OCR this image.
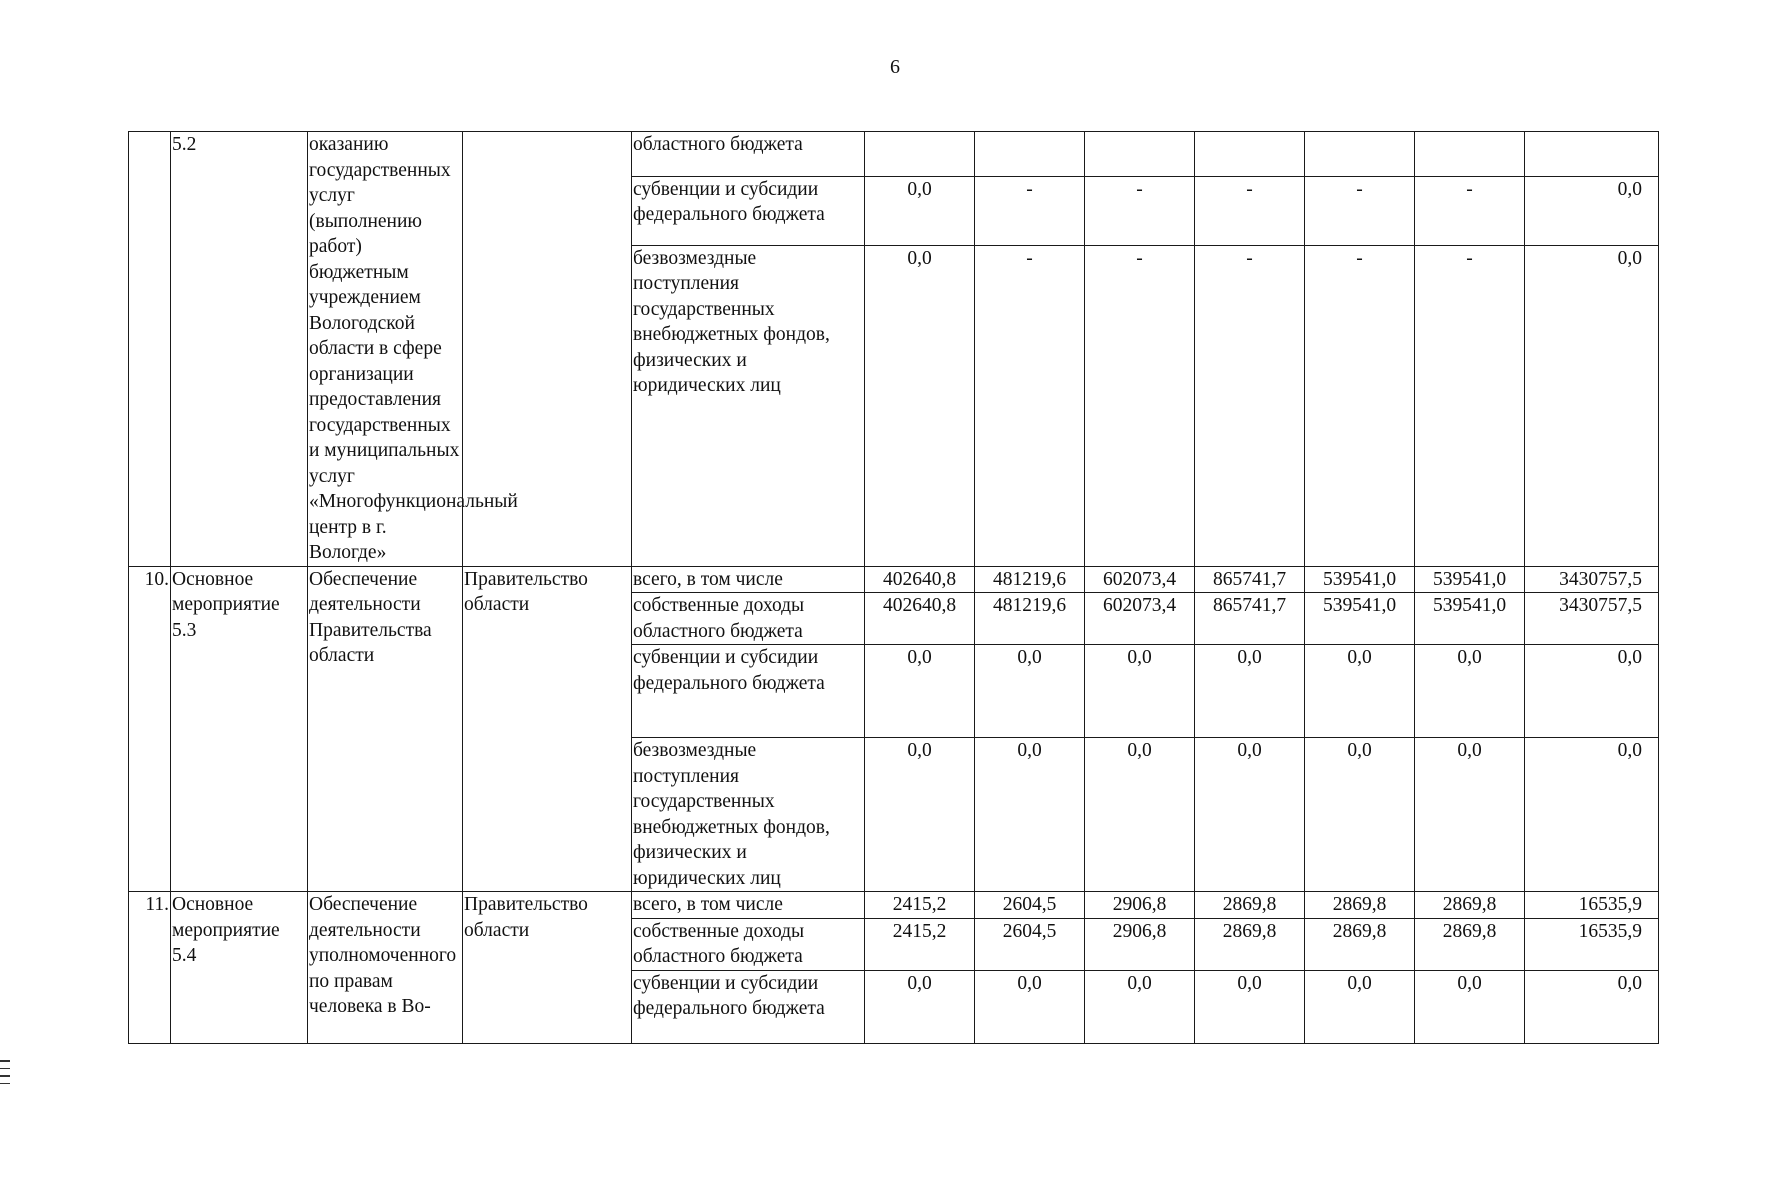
6
	5.2	оказанию государственных услуг (выполнению работ) бюджетным учреждением Вологодской области в сфере организации предоставления государственных и муниципальных услуг «Многофункциональный центр в г. Вологде»		областного бюджета							
				субвенции и субсидии федерального бюджета	0,0	-	-	-	-	-	0,0
				безвозмездные поступления государственных внебюджетных фондов, физических и юридических лиц	0,0	-	-	-	-	-	0,0
10.	Основное мероприятие 5.3	Обеспечение деятельности Правительства области	Правительство области	всего, в том числе	402640,8	481219,6	602073,4	865741,7	539541,0	539541,0	3430757,5
				собственные доходы областного бюджета	402640,8	481219,6	602073,4	865741,7	539541,0	539541,0	3430757,5
				субвенции и субсидии федерального бюджета	0,0	0,0	0,0	0,0	0,0	0,0	0,0
				безвозмездные поступления государственных внебюджетных фондов, физических и юридических лиц	0,0	0,0	0,0	0,0	0,0	0,0	0,0
11.	Основное мероприятие 5.4	Обеспечение деятельности уполномоченного по правам человека в Во-	Правительство области	всего, в том числе	2415,2	2604,5	2906,8	2869,8	2869,8	2869,8	16535,9
				собственные доходы областного бюджета	2415,2	2604,5	2906,8	2869,8	2869,8	2869,8	16535,9
				субвенции и субсидии федерального бюджета	0,0	0,0	0,0	0,0	0,0	0,0	0,0
